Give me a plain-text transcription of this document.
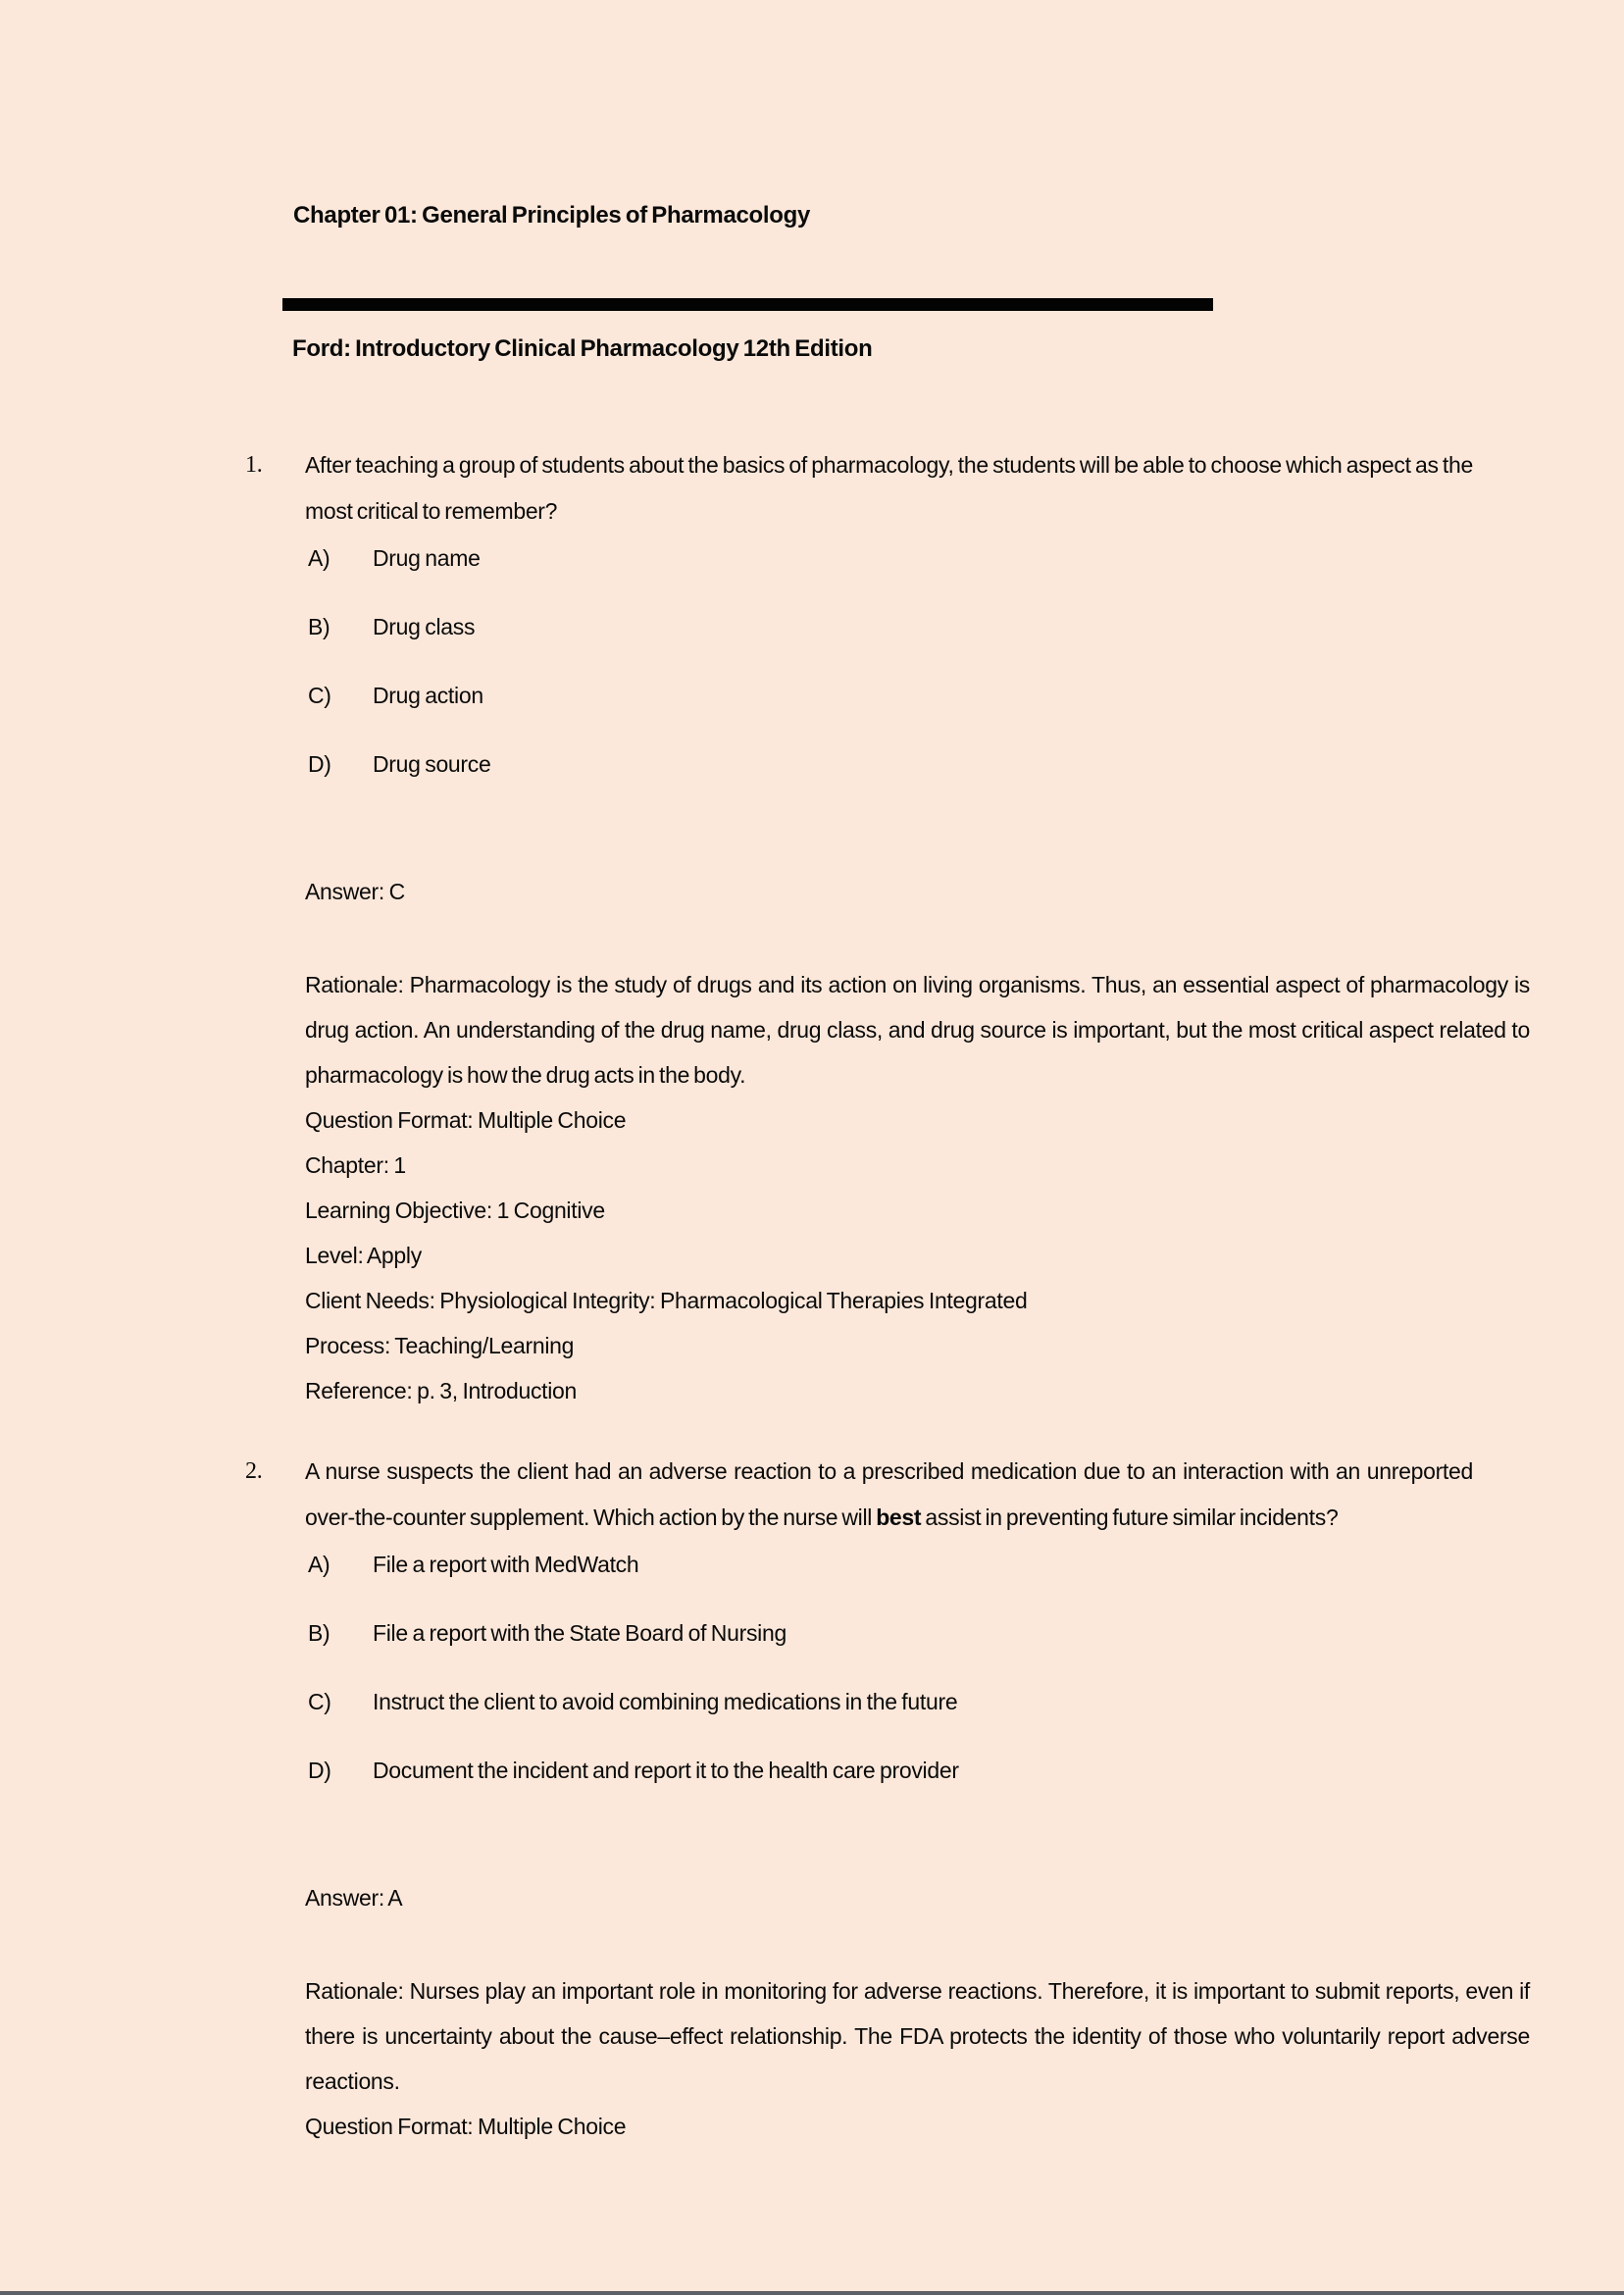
Chapter 01: General Principles of Pharmacology
Ford: Introductory Clinical Pharmacology 12th Edition
1.	After teaching a group of students about the basics of pharmacology, the students will be able to choose which aspect as the most critical to remember?

A)	Drug name
B)	Drug class
C)	Drug action
D)	Drug source

Answer: C

Rationale: Pharmacology is the study of drugs and its action on living organisms. Thus, an essential aspect of pharmacology is drug action. An understanding of the drug name, drug class, and drug source is important, but the most critical aspect related to pharmacology is how the drug acts in the body.

Question Format: Multiple Choice

Chapter: 1

Learning Objective: 1 Cognitive

Level: Apply

Client Needs: Physiological Integrity: Pharmacological Therapies Integrated

Process: Teaching/Learning

Reference: p. 3, Introduction

2.	A nurse suspects the client had an adverse reaction to a prescribed medication due to an interaction with an unreported over-the-counter supplement. Which action by the nurse will best assist in preventing future similar incidents?

A)	File a report with MedWatch
B)	File a report with the State Board of Nursing
C)	Instruct the client to avoid combining medications in the future
D)	Document the incident and report it to the health care provider

Answer: A

Rationale: Nurses play an important role in monitoring for adverse reactions. Therefore, it is important to submit reports, even if there is uncertainty about the cause–effect relationship. The FDA protects the identity of those who voluntarily report adverse reactions.

Question Format: Multiple Choice
